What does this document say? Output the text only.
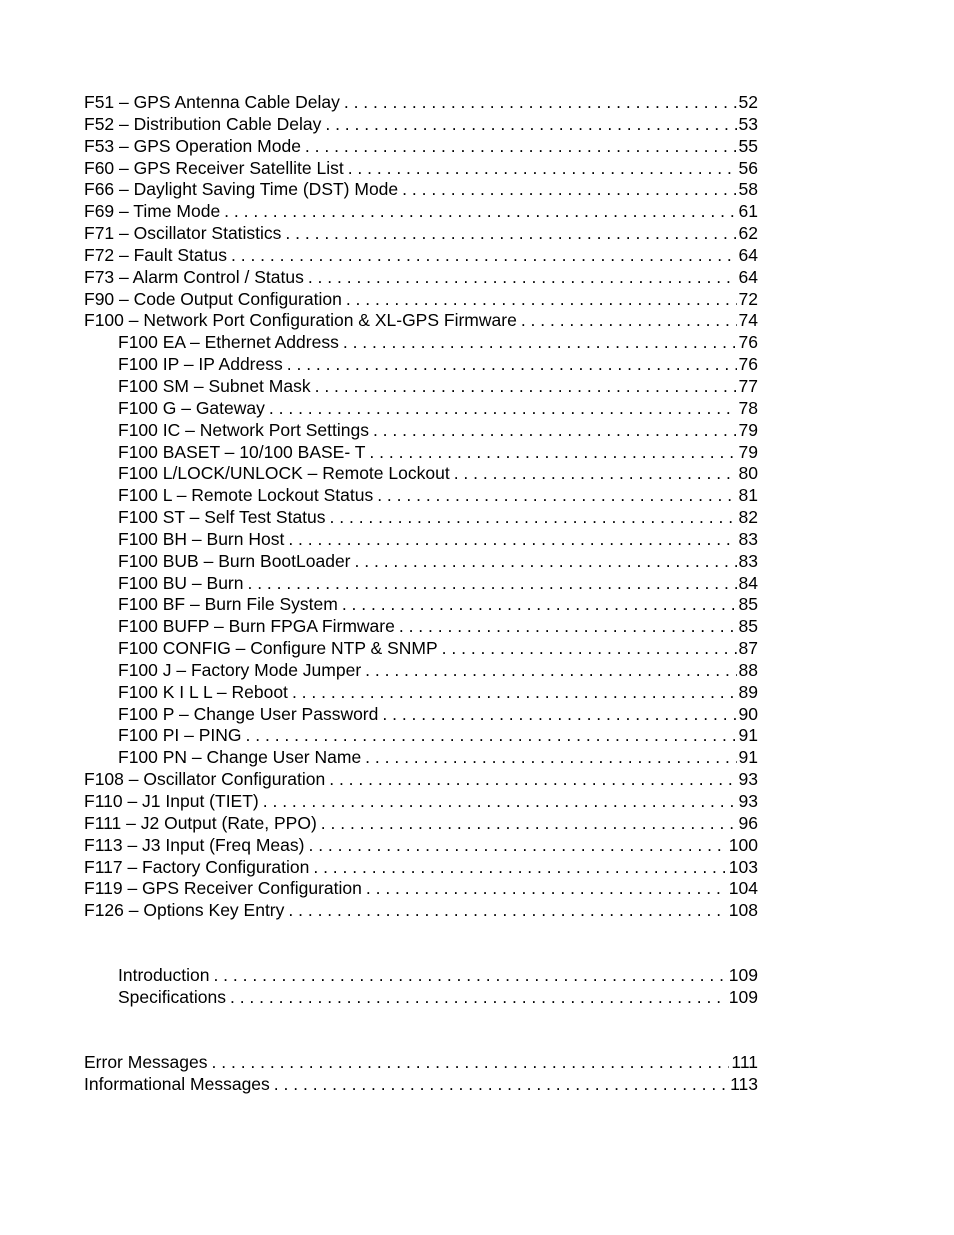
F51 – GPS Antenna Cable Delay . . .	52
F52 – Distribution Cable Delay . . .	53
F53 – GPS Operation Mode . . .	55
F60 – GPS Receiver Satellite List . . .	56
F66 – Daylight Saving Time (DST) Mode . . .	58
F69 – Time Mode . . .	61
F71 – Oscillator Statistics . . .	62
F72 – Fault Status . . .	64
F73 – Alarm Control / Status . . .	64
F90 – Code Output Configuration . . .	72
F100 – Network Port Configuration & XL-GPS Firmware . . .	74
F100 EA – Ethernet Address . . .	76
F100 IP – IP Address . . .	76
F100 SM – Subnet Mask . . .	77
F100 G – Gateway . . .	78
F100 IC – Network Port Settings . . .	79
F100 BASET – 10/100 BASE- T . . .	79
F100 L/LOCK/UNLOCK – Remote Lockout . . .	80
F100 L – Remote Lockout Status . . .	81
F100 ST – Self Test Status . . .	82
F100 BH – Burn Host . . .	83
F100 BUB – Burn BootLoader . . .	83
F100 BU – Burn . . .	84
F100 BF – Burn File System . . .	85
F100 BUFP – Burn FPGA Firmware . . .	85
F100 CONFIG – Configure NTP & SNMP . . .	87
F100 J – Factory Mode Jumper . . .	88
F100 K I L L – Reboot . . .	89
F100 P – Change User Password . . .	90
F100 PI – PING . . .	91
F100 PN – Change User Name . . .	91
F108 – Oscillator Configuration . . .	93
F110 – J1 Input (TIET) . . .	93
F111 – J2 Output (Rate, PPO) . . .	96
F113 – J3 Input (Freq Meas) . . .	100
F117 – Factory Configuration . . .	103
F119 – GPS Receiver Configuration . . .	104
F126 – Options Key Entry . . .	108
Introduction . . .	109
Specifications . . .	109
Error Messages . . .	111
Informational Messages . . .	113
